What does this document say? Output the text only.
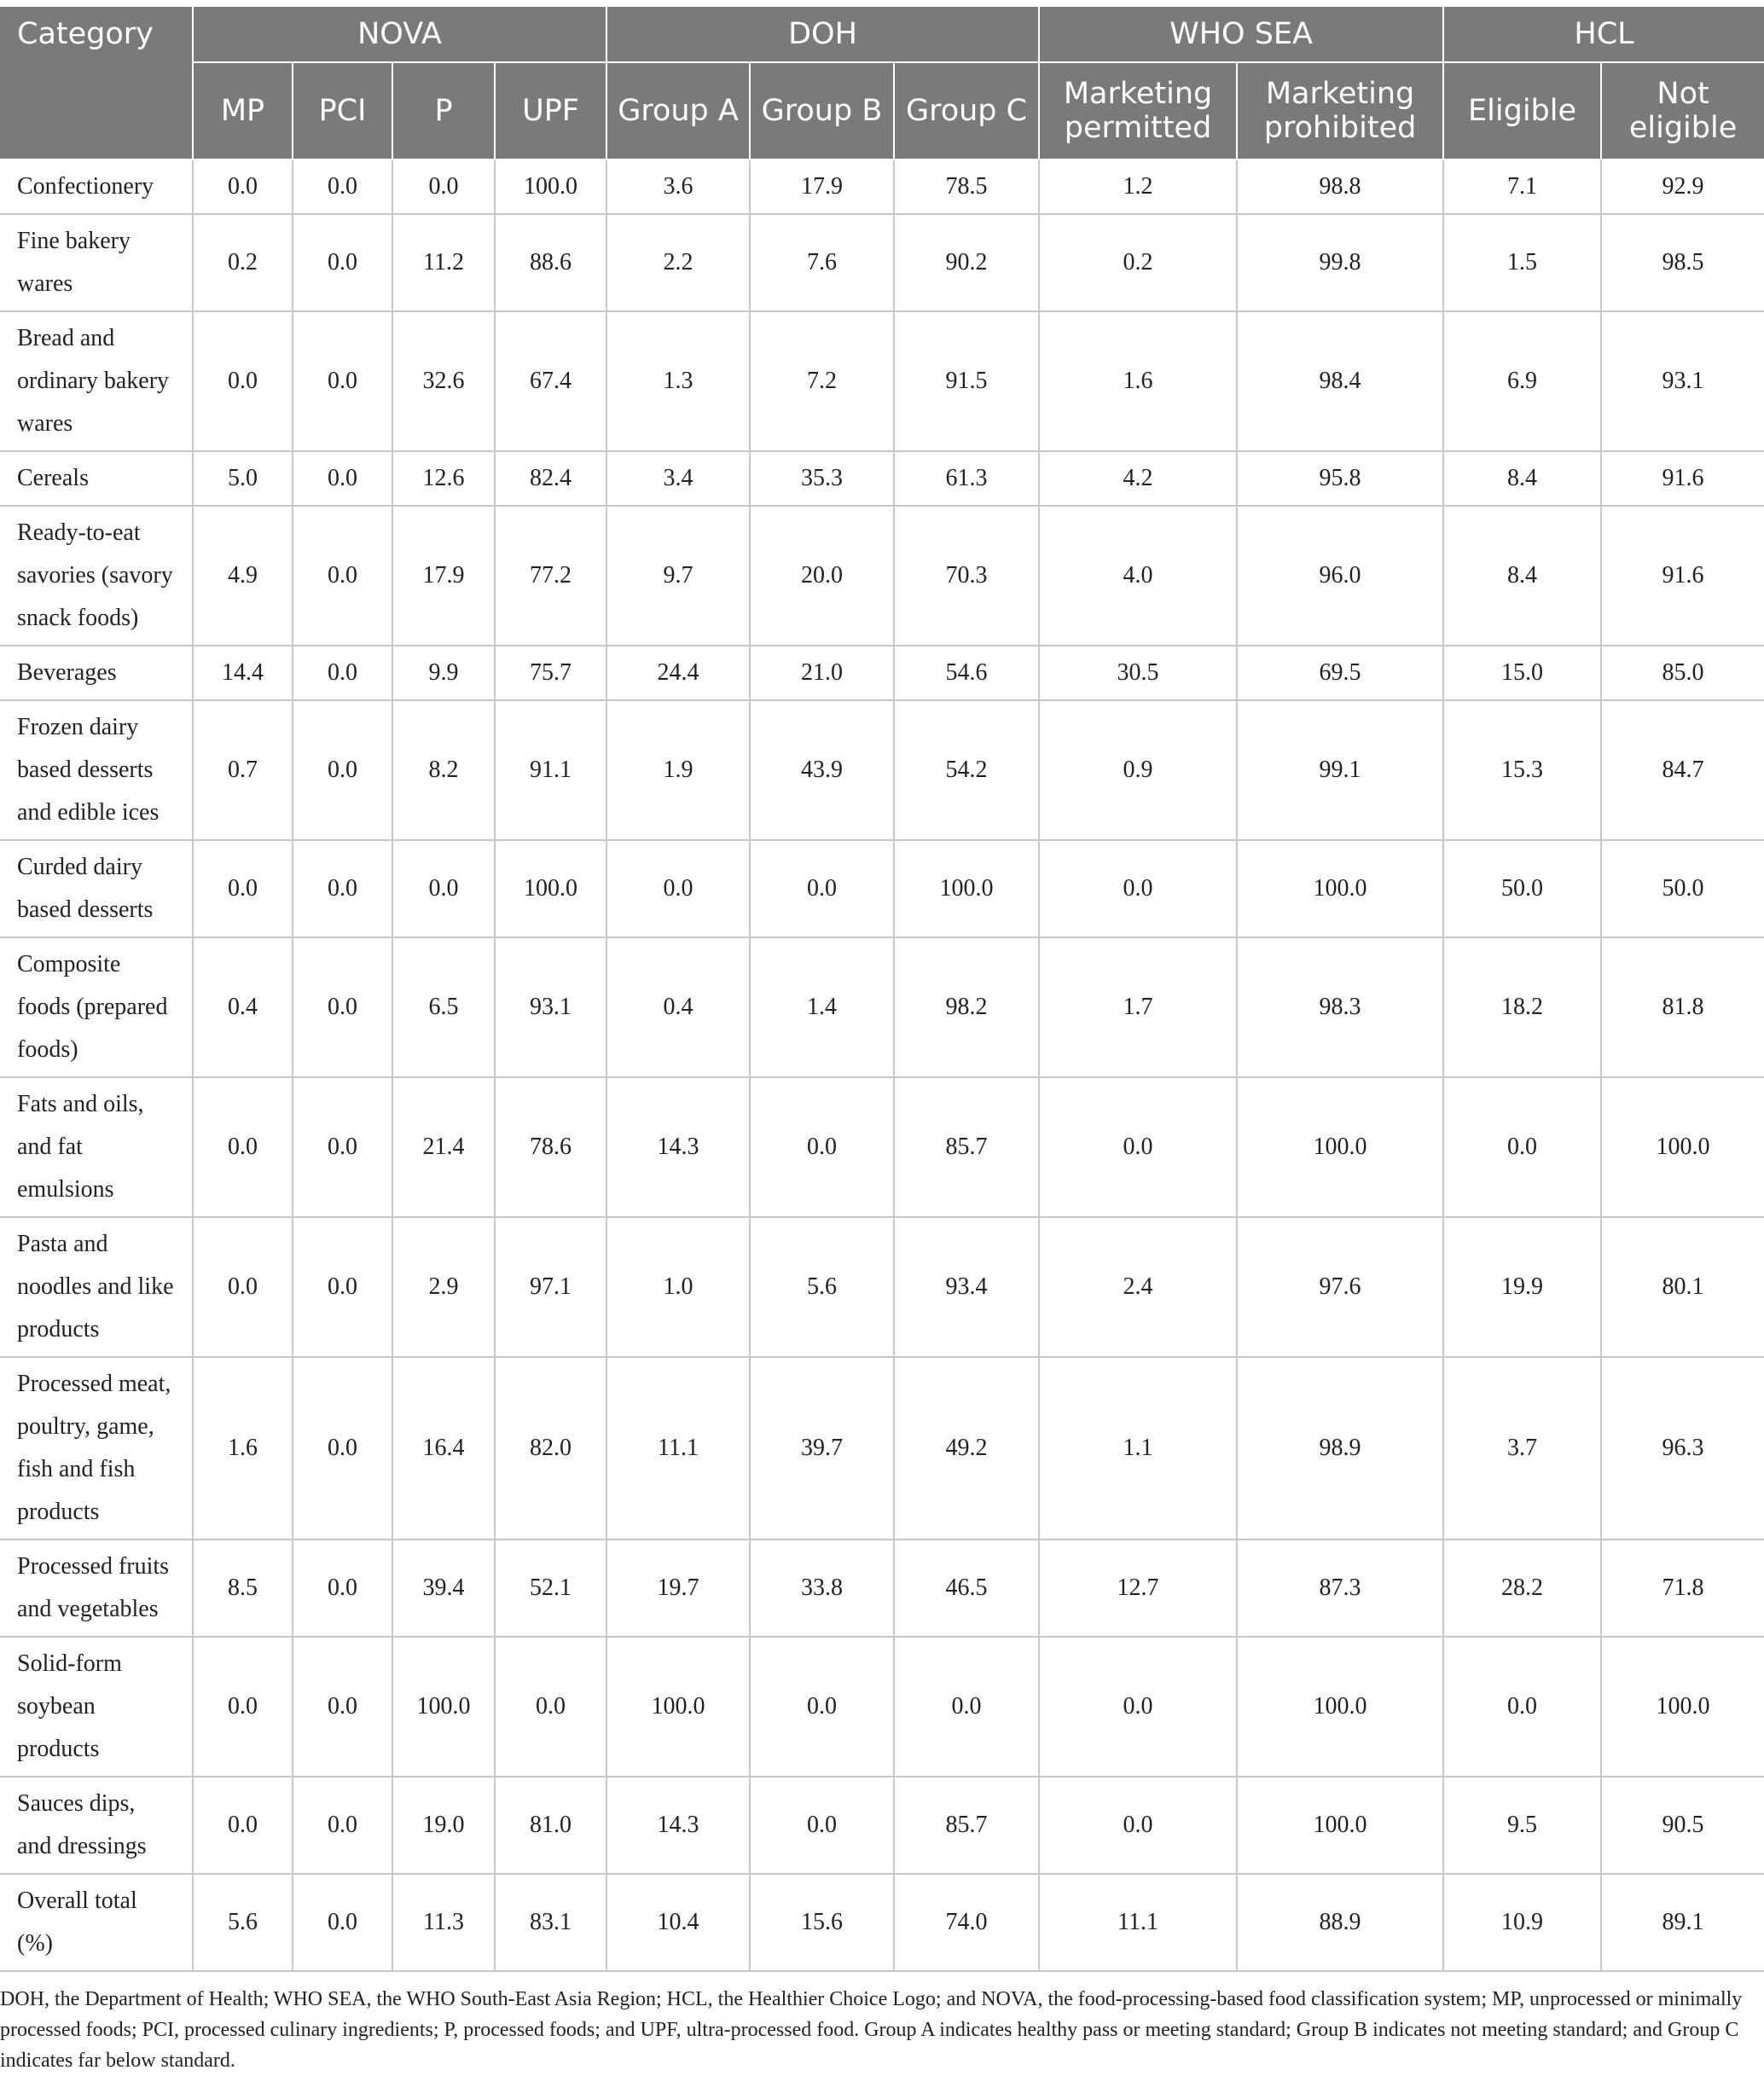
Category	NOVA				DOH			WHO SEA		HCL	
	MP	PCI	P	UPF	Group A	Group B	Group C	Marketing permitted	Marketing prohibited	Eligible	Not eligible
Confectionery	0.0	0.0	0.0	100.0	3.6	17.9	78.5	1.2	98.8	7.1	92.9
Fine bakery wares	0.2	0.0	11.2	88.6	2.2	7.6	90.2	0.2	99.8	1.5	98.5
Bread and ordinary bakery wares	0.0	0.0	32.6	67.4	1.3	7.2	91.5	1.6	98.4	6.9	93.1
Cereals	5.0	0.0	12.6	82.4	3.4	35.3	61.3	4.2	95.8	8.4	91.6
Ready-to-eat savories (savory snack foods)	4.9	0.0	17.9	77.2	9.7	20.0	70.3	4.0	96.0	8.4	91.6
Beverages	14.4	0.0	9.9	75.7	24.4	21.0	54.6	30.5	69.5	15.0	85.0
Frozen dairy based desserts and edible ices	0.7	0.0	8.2	91.1	1.9	43.9	54.2	0.9	99.1	15.3	84.7
Curded dairy based desserts	0.0	0.0	0.0	100.0	0.0	0.0	100.0	0.0	100.0	50.0	50.0
Composite foods (prepared foods)	0.4	0.0	6.5	93.1	0.4	1.4	98.2	1.7	98.3	18.2	81.8
Fats and oils, and fat emulsions	0.0	0.0	21.4	78.6	14.3	0.0	85.7	0.0	100.0	0.0	100.0
Pasta and noodles and like products	0.0	0.0	2.9	97.1	1.0	5.6	93.4	2.4	97.6	19.9	80.1
Processed meat, poultry, game, fish and fish products	1.6	0.0	16.4	82.0	11.1	39.7	49.2	1.1	98.9	3.7	96.3
Processed fruits and vegetables	8.5	0.0	39.4	52.1	19.7	33.8	46.5	12.7	87.3	28.2	71.8
Solid-form soybean products	0.0	0.0	100.0	0.0	100.0	0.0	0.0	0.0	100.0	0.0	100.0
Sauces dips, and dressings	0.0	0.0	19.0	81.0	14.3	0.0	85.7	0.0	100.0	9.5	90.5
Overall total (%)	5.6	0.0	11.3	83.1	10.4	15.6	74.0	11.1	88.9	10.9	89.1
DOH, the Department of Health; WHO SEA, the WHO South-East Asia Region; HCL, the Healthier Choice Logo; and NOVA, the food-processing-based food classification system; MP, unprocessed or minimally processed foods; PCI, processed culinary ingredients; P, processed foods; and UPF, ultra-processed food. Group A indicates healthy pass or meeting standard; Group B indicates not meeting standard; and Group C indicates far below standard.
